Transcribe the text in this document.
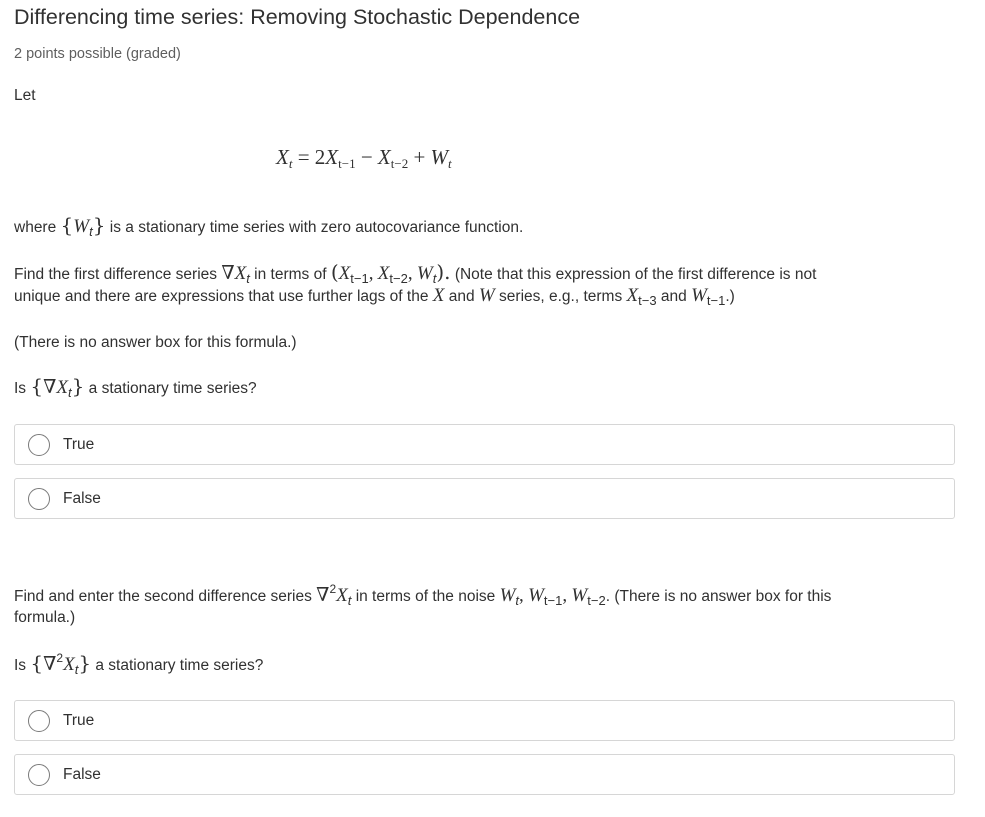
Differencing time series: Removing Stochastic Dependence
2 points possible (graded)
Let
$X_t = 2X_{t-1} - X_{t-2} + W_t$
where $\{W_t\}$ is a stationary time series with zero autocovariance function.
Find the first difference series $\nabla X_t$ in terms of ($X_{t-1}$, $X_{t-2}$, $W_t$). (Note that this expression of the first difference is not
unique and there are expressions that use further lags of the X and W series, e.g., terms $X_{t-3}$ and $W_{t-1}$.)
(There is no answer box for this formula.)
Is $\{\nabla X_t\}$ a stationary time series?
True
False
Find and enter the second difference series $\nabla^2X_t$ in terms of the noise $W_t$, $W_{t-1}$, $W_{t-2}$. (There is no answer box for this
formula.)
Is $\{\nabla^2X_t\}$ a stationary time series?
True
False
